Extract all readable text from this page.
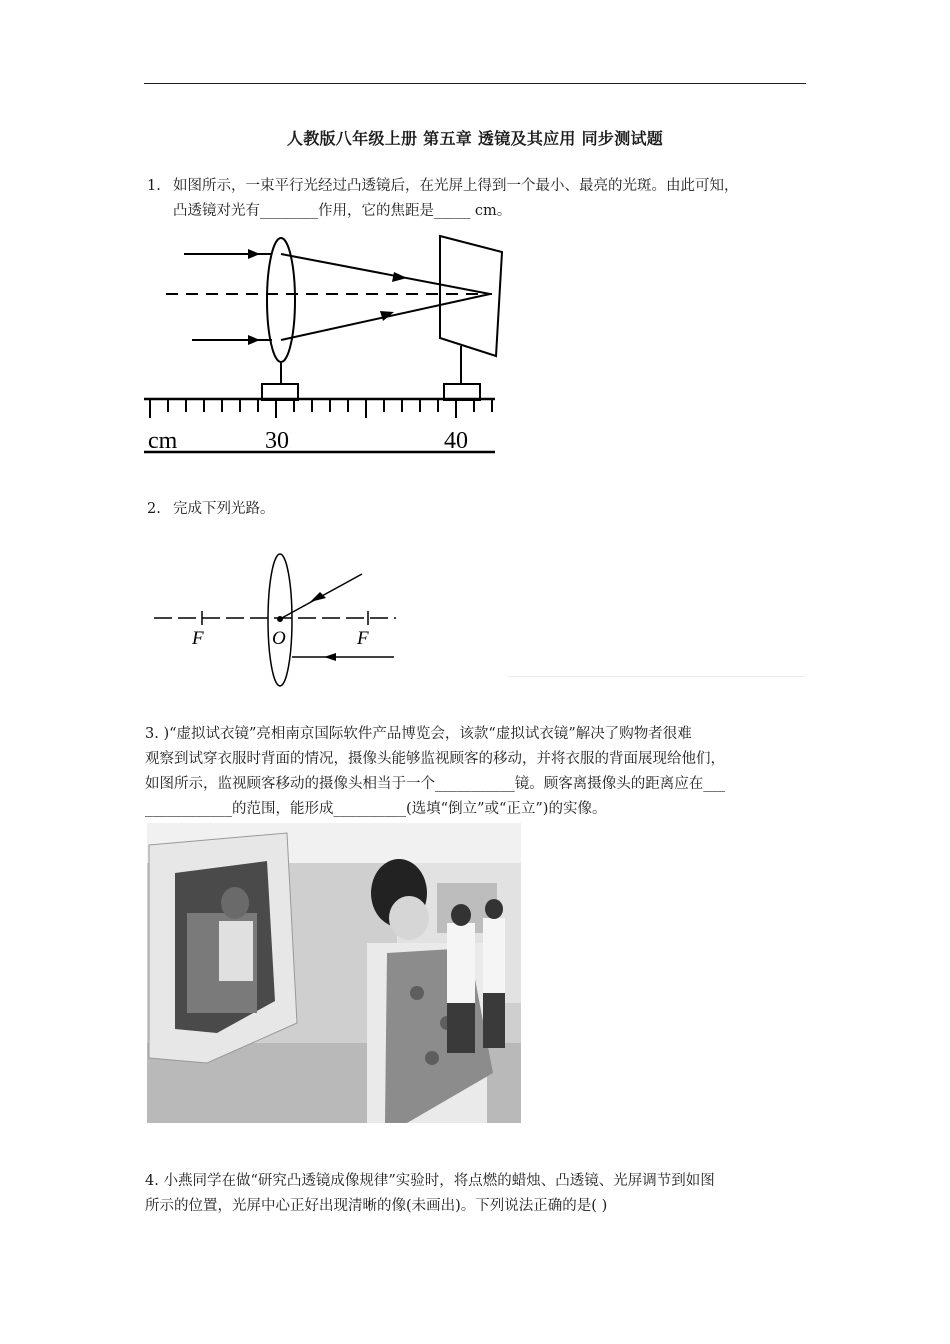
人教版八年级上册 第五章 透镜及其应用 同步测试题
1. 如图所示，一束平行光经过凸透镜后，在光屏上得到一个最小、最亮的光斑。由此可知，
凸透镜对光有________作用，它的焦距是_____ cm。
cm	30	40
2. 完成下列光路。
F	O	F
3. )“虚拟试衣镜”亮相南京国际软件产品博览会，该款“虚拟试衣镜”解决了购物者很难
观察到试穿衣服时背面的情况，摄像头能够监视顾客的移动，并将衣服的背面展现给他们，
如图所示，监视顾客移动的摄像头相当于一个___________镜。顾客离摄像头的距离应在___
____________的范围，能形成__________(选填“倒立”或“正立”)的实像。
4. 小燕同学在做“研究凸透镜成像规律”实验时，将点燃的蜡烛、凸透镜、光屏调节到如图
所示的位置，光屏中心正好出现清晰的像(未画出)。下列说法正确的是( )
